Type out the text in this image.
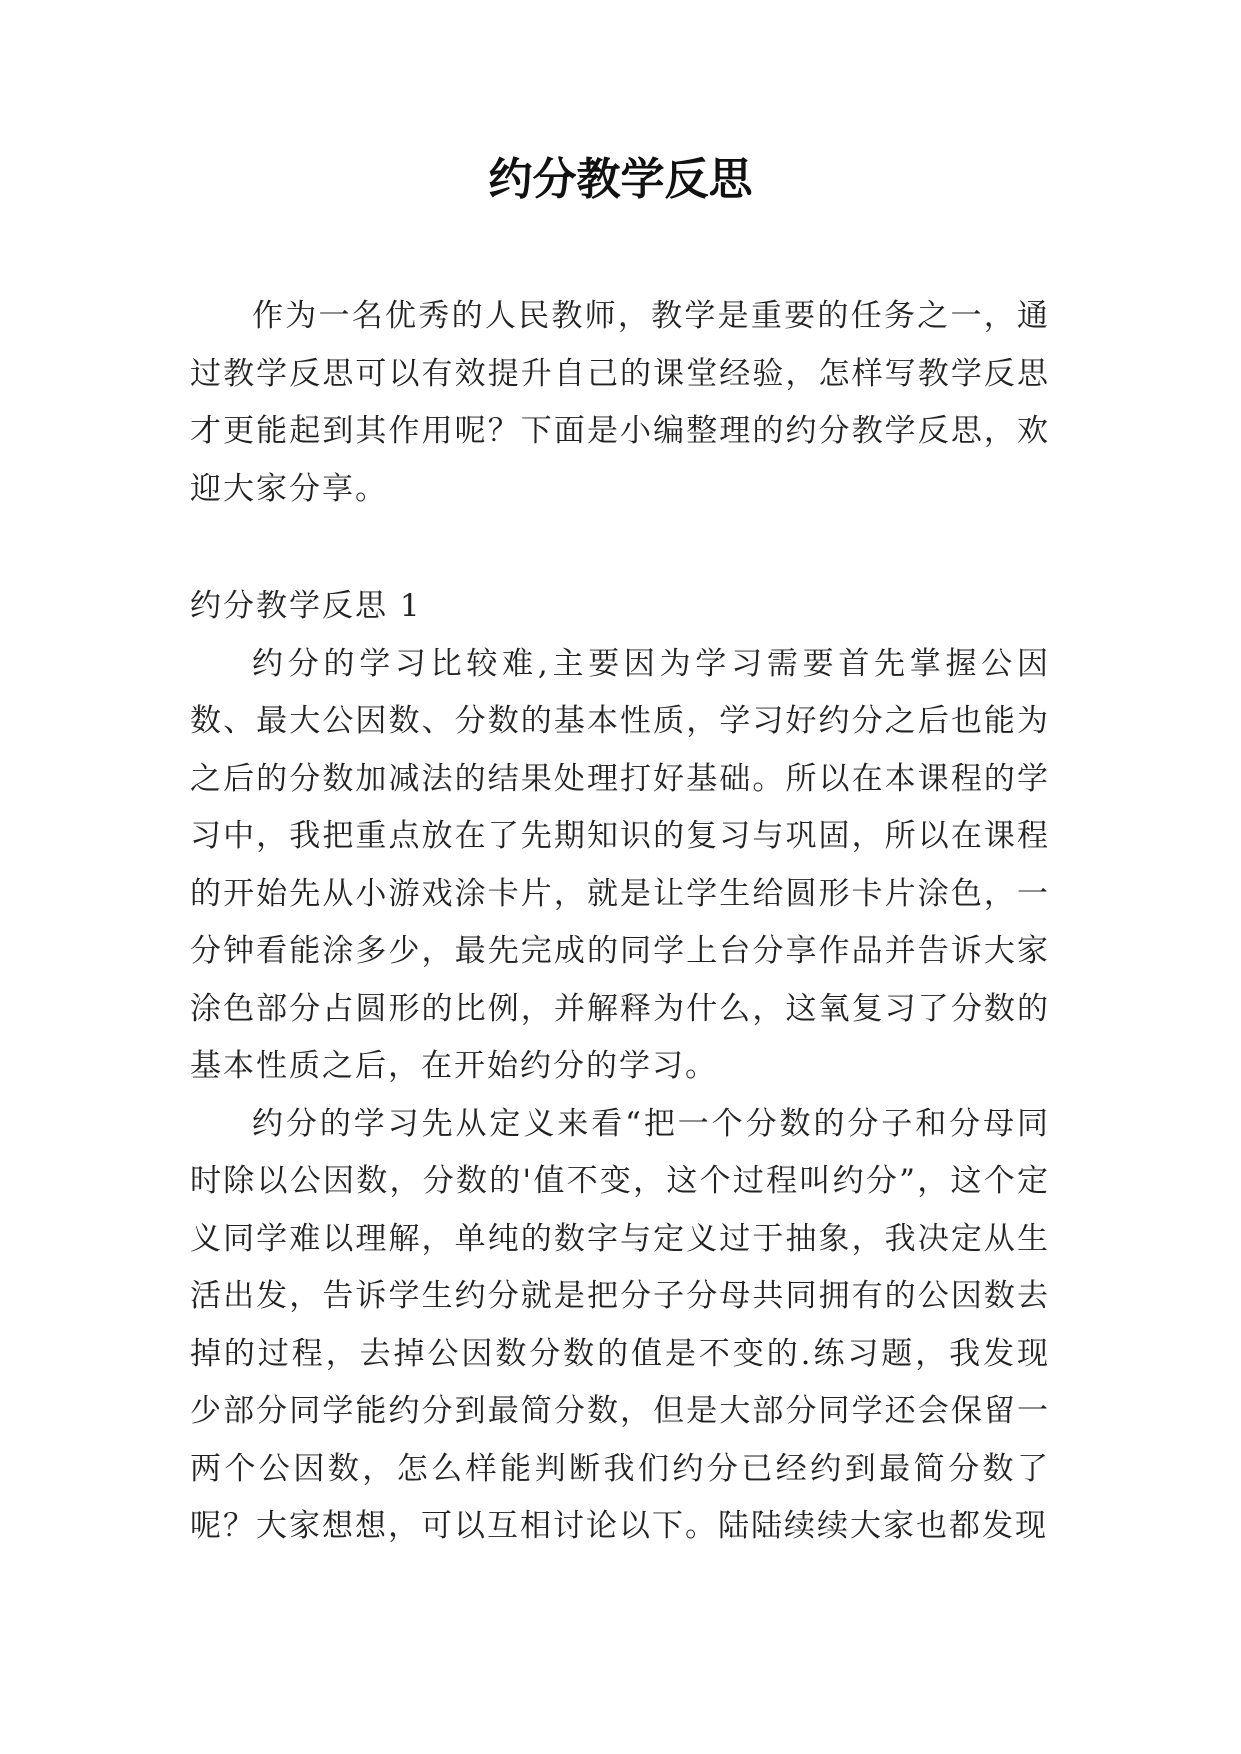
约分教学反思

作为一名优秀的人民教师，教学是重要的任务之一，通过教学反思可以有效提升自己的课堂经验，怎样写教学反思才更能起到其作用呢？下面是小编整理的约分教学反思，欢迎大家分享。

约分教学反思 1

约分的学习比较难,主要因为学习需要首先掌握公因数、最大公因数、分数的基本性质，学习好约分之后也能为之后的分数加减法的结果处理打好基础。所以在本课程的学习中，我把重点放在了先期知识的复习与巩固，所以在课程的开始先从小游戏涂卡片，就是让学生给圆形卡片涂色，一分钟看能涂多少，最先完成的同学上台分享作品并告诉大家涂色部分占圆形的比例，并解释为什么，这氧复习了分数的基本性质之后，在开始约分的学习。

约分的学习先从定义来看“把一个分数的分子和分母同时除以公因数，分数的'值不变，这个过程叫约分”，这个定义同学难以理解，单纯的数字与定义过于抽象，我决定从生活出发，告诉学生约分就是把分子分母共同拥有的公因数去掉的过程，去掉公因数分数的值是不变的.练习题，我发现少部分同学能约分到最简分数，但是大部分同学还会保留一两个公因数，怎么样能判断我们约分已经约到最简分数了呢？大家想想，可以互相讨论以下。陆陆续续大家也都发现
